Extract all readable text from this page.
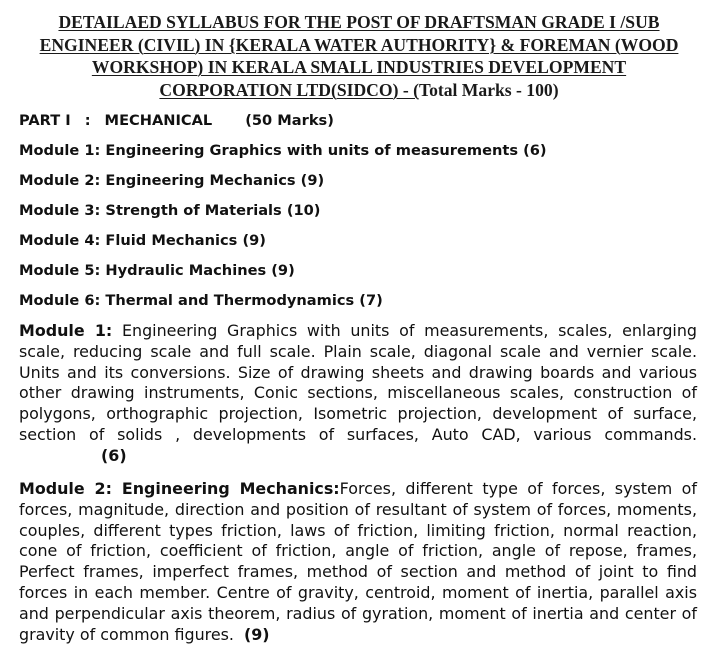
DETAILAED SYLLABUS FOR THE POST OF DRAFTSMAN GRADE I /SUB
ENGINEER (CIVIL) IN {KERALA WATER AUTHORITY} & FOREMAN (WOOD
WORKSHOP) IN KERALA SMALL INDUSTRIES DEVELOPMENT
CORPORATION LTD(SIDCO) - (Total Marks - 100)
PART I : MECHANICAL (50 Marks)
Module 1: Engineering Graphics with units of measurements (6)
Module 2: Engineering Mechanics (9)
Module 3: Strength of Materials (10)
Module 4: Fluid Mechanics (9)
Module 5: Hydraulic Machines (9)
Module 6: Thermal and Thermodynamics (7)

Module 1: Engineering Graphics with units of measurements, scales, enlarging scale, reducing scale and full scale. Plain scale, diagonal scale and vernier scale. Units and its conversions. Size of drawing sheets and drawing boards and various other drawing instruments, Conic sections, miscellaneous scales, construction of polygons, orthographic projection, Isometric projection, development of surface, section of solids , developments of surfaces, Auto CAD, various commands.(6)

Module 2: Engineering Mechanics:Forces, different type of forces, system of forces, magnitude, direction and position of resultant of system of forces, moments, couples, different types friction, laws of friction, limiting friction, normal reaction, cone of friction, coefficient of friction, angle of friction, angle of repose, frames, Perfect frames, imperfect frames, method of section and method of joint to find forces in each member. Centre of gravity, centroid, moment of inertia, parallel axis and perpendicular axis theorem, radius of gyration, moment of inertia and center of gravity of common figures. (9)
